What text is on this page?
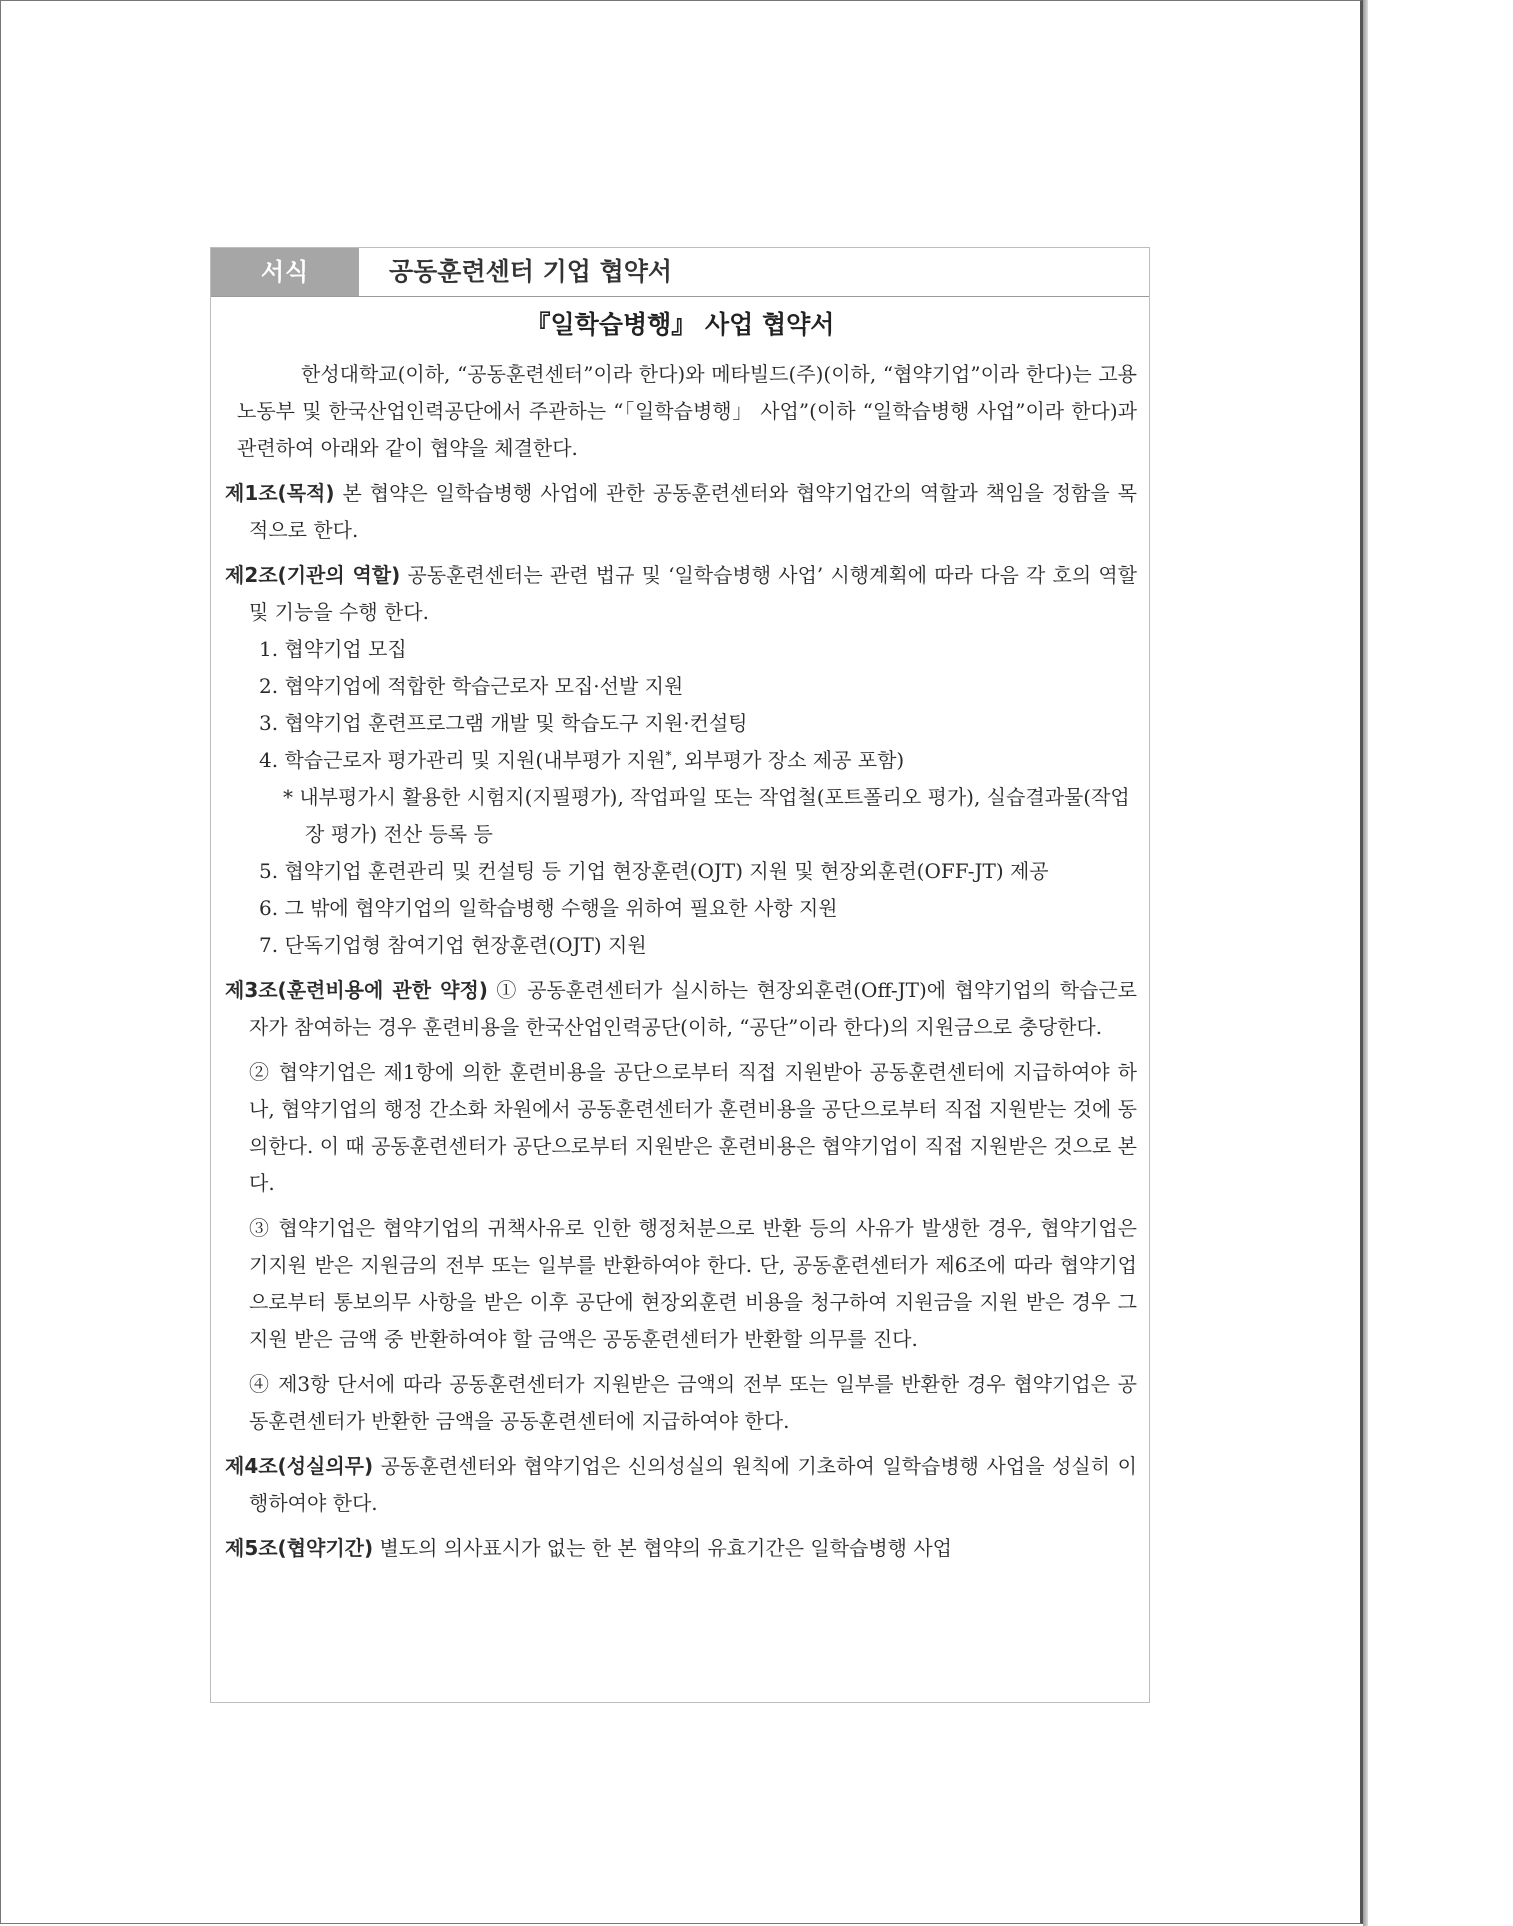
서식	공동훈련센터 기업 협약서
『일학습병행』 사업 협약서

한성대학교(이하, “공동훈련센터”이라 한다)와 메타빌드(주)(이하, “협약기업”이라 한다)는 고용노동부 및 한국산업인력공단에서 주관하는 “「일학습병행」 사업”(이하 “일학습병행 사업”이라 한다)과 관련하여 아래와 같이 협약을 체결한다.

제1조(목적) 본 협약은 일학습병행 사업에 관한 공동훈련센터와 협약기업간의 역할과 책임을 정함을 목적으로 한다.

제2조(기관의 역할) 공동훈련센터는 관련 법규 및 ‘일학습병행 사업’ 시행계획에 따라 다음 각 호의 역할 및 기능을 수행 한다.

1. 협약기업 모집

2. 협약기업에 적합한 학습근로자 모집·선발 지원

3. 협약기업 훈련프로그램 개발 및 학습도구 지원·컨설팅

4. 학습근로자 평가관리 및 지원(내부평가 지원*, 외부평가 장소 제공 포함)

* 내부평가시 활용한 시험지(지필평가), 작업파일 또는 작업철(포트폴리오 평가), 실습결과물(작업장 평가) 전산 등록 등

5. 협약기업 훈련관리 및 컨설팅 등 기업 현장훈련(OJT) 지원 및 현장외훈련(OFF-JT) 제공

6. 그 밖에 협약기업의 일학습병행 수행을 위하여 필요한 사항 지원

7. 단독기업형 참여기업 현장훈련(OJT) 지원

제3조(훈련비용에 관한 약정) ① 공동훈련센터가 실시하는 현장외훈련(Off-JT)에 협약기업의 학습근로자가 참여하는 경우 훈련비용을 한국산업인력공단(이하, “공단”이라 한다)의 지원금으로 충당한다.

② 협약기업은 제1항에 의한 훈련비용을 공단으로부터 직접 지원받아 공동훈련센터에 지급하여야 하나, 협약기업의 행정 간소화 차원에서 공동훈련센터가 훈련비용을 공단으로부터 직접 지원받는 것에 동의한다. 이 때 공동훈련센터가 공단으로부터 지원받은 훈련비용은 협약기업이 직접 지원받은 것으로 본다.

③ 협약기업은 협약기업의 귀책사유로 인한 행정처분으로 반환 등의 사유가 발생한 경우, 협약기업은 기지원 받은 지원금의 전부 또는 일부를 반환하여야 한다. 단, 공동훈련센터가 제6조에 따라 협약기업으로부터 통보의무 사항을 받은 이후 공단에 현장외훈련 비용을 청구하여 지원금을 지원 받은 경우 그 지원 받은 금액 중 반환하여야 할 금액은 공동훈련센터가 반환할 의무를 진다.

④ 제3항 단서에 따라 공동훈련센터가 지원받은 금액의 전부 또는 일부를 반환한 경우 협약기업은 공동훈련센터가 반환한 금액을 공동훈련센터에 지급하여야 한다.

제4조(성실의무) 공동훈련센터와 협약기업은 신의성실의 원칙에 기초하여 일학습병행 사업을 성실히 이행하여야 한다.

제5조(협약기간) 별도의 의사표시가 없는 한 본 협약의 유효기간은 일학습병행 사업
